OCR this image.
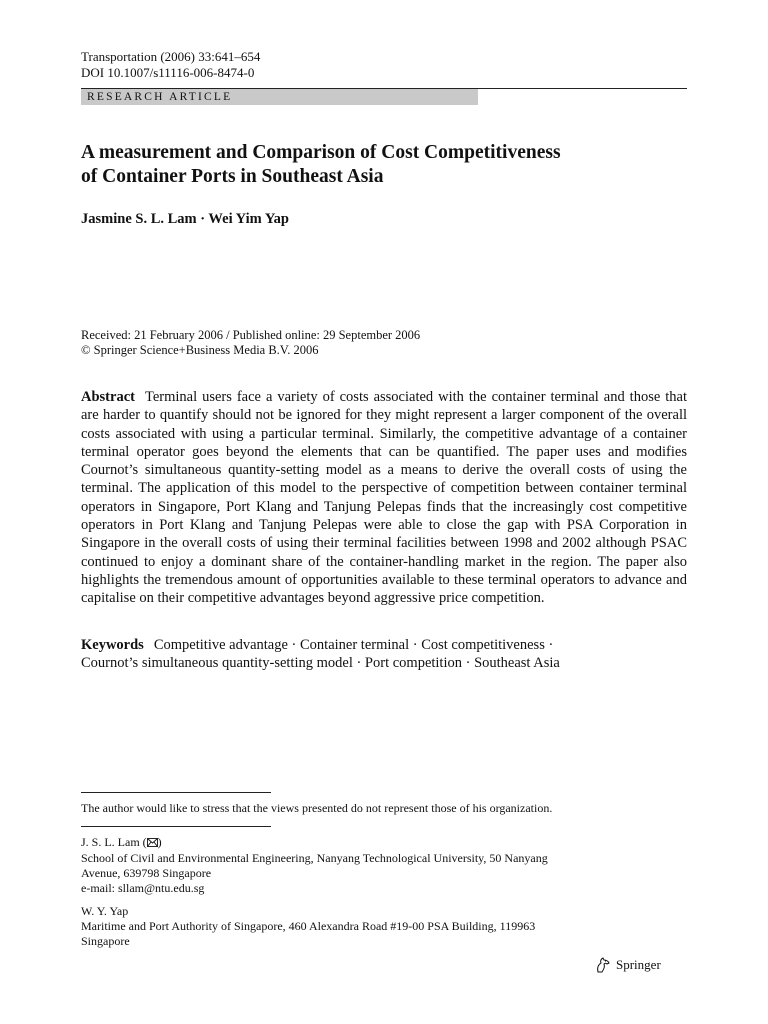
Transportation (2006) 33:641–654
DOI 10.1007/s11116-006-8474-0
RESEARCH ARTICLE
A measurement and Comparison of Cost Competitiveness
of Container Ports in Southeast Asia
Jasmine S. L. Lam · Wei Yim Yap
Received: 21 February 2006 / Published online: 29 September 2006
© Springer Science+Business Media B.V. 2006
Abstract Terminal users face a variety of costs associated with the container terminal and those that are harder to quantify should not be ignored for they might represent a larger component of the overall costs associated with using a particular terminal. Similarly, the competitive advantage of a container terminal operator goes beyond the elements that can be quantified. The paper uses and modifies Cournot’s simultaneous quantity-setting model as a means to derive the overall costs of using the terminal. The application of this model to the perspective of competition between container terminal operators in Singapore, Port Klang and Tanjung Pelepas finds that the increasingly cost competitive operators in Port Klang and Tanjung Pelepas were able to close the gap with PSA Corporation in Singapore in the overall costs of using their terminal facilities between 1998 and 2002 although PSAC continued to enjoy a dominant share of the container-handling market in the region. The paper also highlights the tremendous amount of opportunities available to these terminal operators to advance and capitalise on their competitive advantages beyond aggressive price competition.
Keywords Competitive advantage · Container terminal · Cost competitiveness ·
Cournot’s simultaneous quantity-setting model · Port competition · Southeast Asia
The author would like to stress that the views presented do not represent those of his organization.
J. S. L. Lam ( )
School of Civil and Environmental Engineering, Nanyang Technological University, 50 Nanyang
Avenue, 639798 Singapore
e-mail: sllam@ntu.edu.sg
W. Y. Yap
Maritime and Port Authority of Singapore, 460 Alexandra Road #19-00 PSA Building, 119963
Singapore
Springer
